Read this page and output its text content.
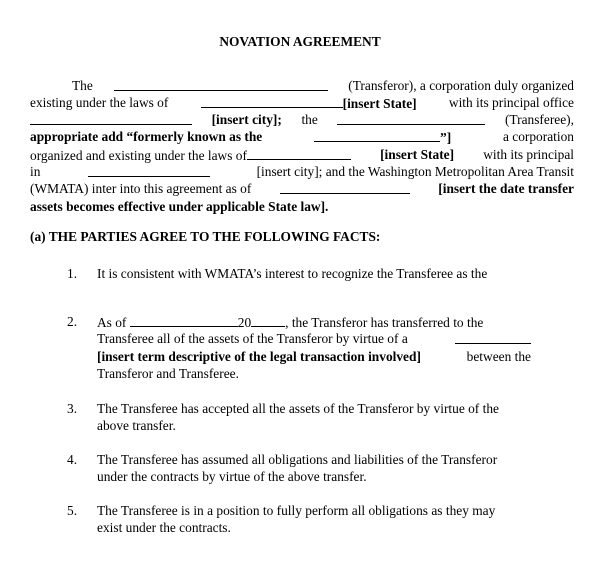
NOVATION AGREEMENT
The	(Transferor), a corporation duly organized
existing under the laws of	[insert State] with its principal office
[insert city]; the	(Transferee),
appropriate add “formerly known as the	”]	a corporation
organized and existing under the laws of	[insert State] with its principal
in	[insert city]; and the Washington Metropolitan Area Transit
(WMATA) inter into this agreement as of	[insert the date transfer
assets becomes effective under applicable State law].
(a) THE PARTIES AGREE TO THE FOLLOWING FACTS:
1. It is consistent with WMATA’s interest to recognize the Transferee as the
2. As of	20	, the Transferor has transferred to the
Transferee all of the assets of the Transferor by virtue of a
[insert term descriptive of the legal transaction involved]	between the
Transferor and Transferee.
3. The Transferee has accepted all the assets of the Transferor by virtue of the
above transfer.
4. The Transferee has assumed all obligations and liabilities of the Transferor
under the contracts by virtue of the above transfer.
5. The Transferee is in a position to fully perform all obligations as they may
exist under the contracts.
